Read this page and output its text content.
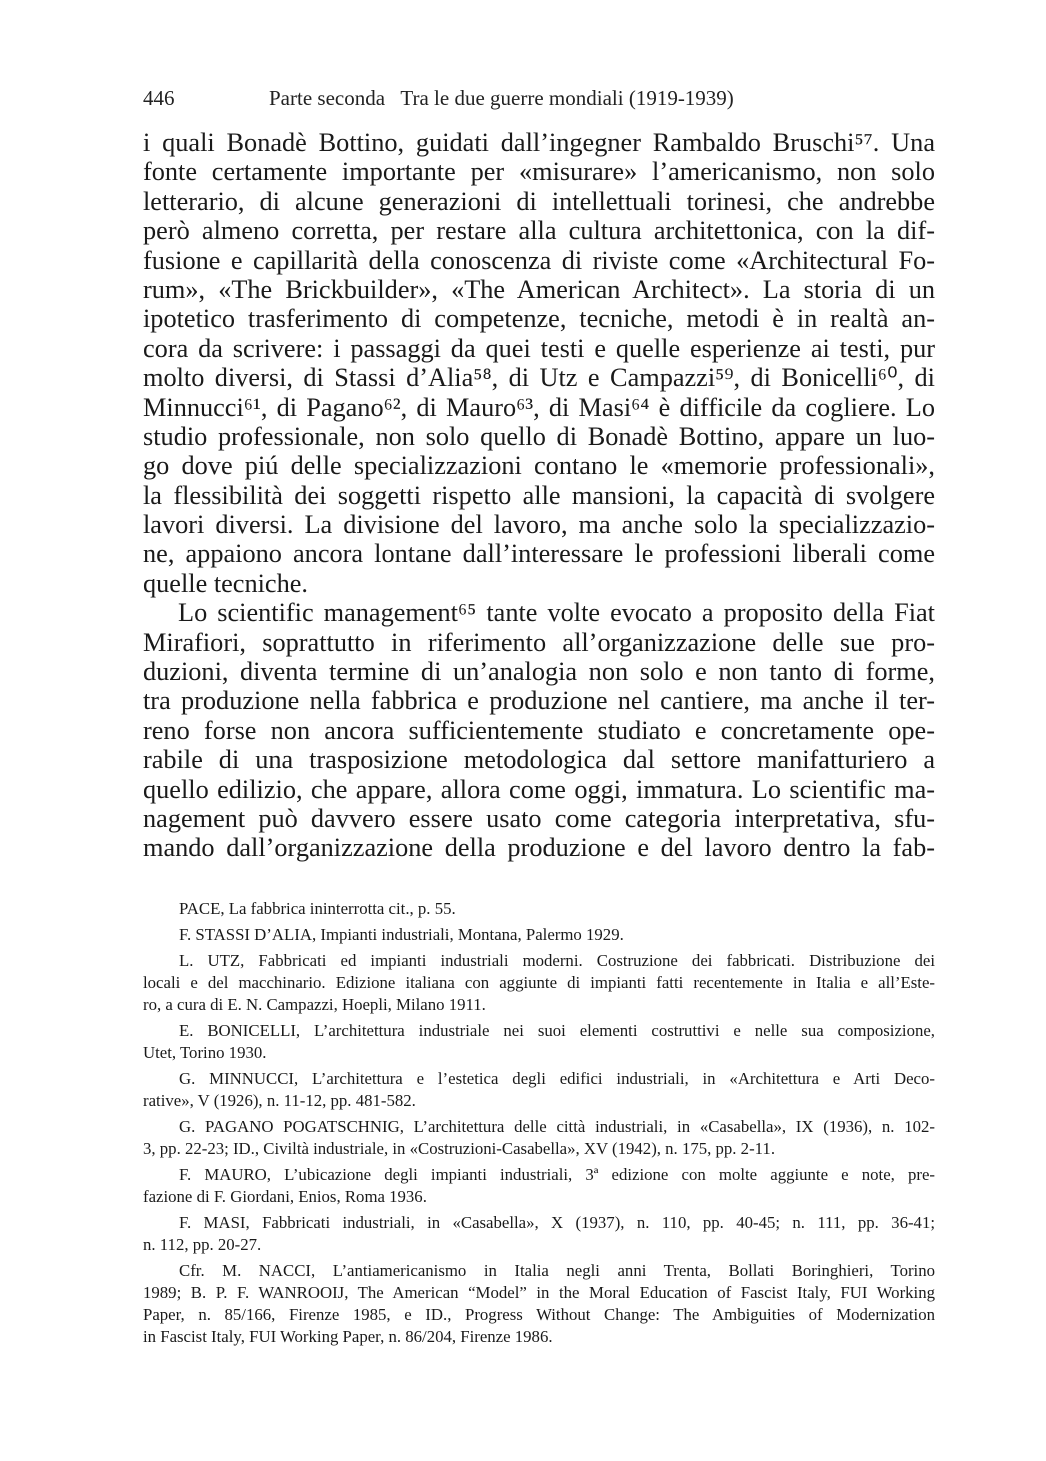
446	Parte seconda   Tra le due guerre mondiali (1919-1939)
i quali Bonadè Bottino, guidati dall’ingegner Rambaldo Bruschi⁵⁷. Una
fonte certamente importante per «misurare» l’americanismo, non solo
letterario, di alcune generazioni di intellettuali torinesi, che andrebbe
però almeno corretta, per restare alla cultura architettonica, con la dif-
fusione e capillarità della conoscenza di riviste come «Architectural Fo-
rum», «The Brickbuilder», «The American Architect». La storia di un
ipotetico trasferimento di competenze, tecniche, metodi è in realtà an-
cora da scrivere: i passaggi da quei testi e quelle esperienze ai testi, pur
molto diversi, di Stassi d’Alia⁵⁸, di Utz e Campazzi⁵⁹, di Bonicelli⁶⁰, di
Minnucci⁶¹, di Pagano⁶², di Mauro⁶³, di Masi⁶⁴ è difficile da cogliere. Lo
studio professionale, non solo quello di Bonadè Bottino, appare un luo-
go dove piú delle specializzazioni contano le «memorie professionali»,
la flessibilità dei soggetti rispetto alle mansioni, la capacità di svolgere
lavori diversi. La divisione del lavoro, ma anche solo la specializzazio-
ne, appaiono ancora lontane dall’interessare le professioni liberali come
quelle tecniche.
Lo scientific management⁶⁵ tante volte evocato a proposito della Fiat
Mirafiori, soprattutto in riferimento all’organizzazione delle sue pro-
duzioni, diventa termine di un’analogia non solo e non tanto di forme,
tra produzione nella fabbrica e produzione nel cantiere, ma anche il ter-
reno forse non ancora sufficientemente studiato e concretamente ope-
rabile di una trasposizione metodologica dal settore manifatturiero a
quello edilizio, che appare, allora come oggi, immatura. Lo scientific ma-
nagement può davvero essere usato come categoria interpretativa, sfu-
mando dall’organizzazione della produzione e del lavoro dentro la fab-
PACE, La fabbrica ininterrotta cit., p. 55.
F. STASSI D’ALIA, Impianti industriali, Montana, Palermo 1929.
L. UTZ, Fabbricati ed impianti industriali moderni. Costruzione dei fabbricati. Distribuzione dei
locali e del macchinario. Edizione italiana con aggiunte di impianti fatti recentemente in Italia e all’Este-
ro, a cura di E. N. Campazzi, Hoepli, Milano 1911.
E. BONICELLI, L’architettura industriale nei suoi elementi costruttivi e nelle sua composizione,
Utet, Torino 1930.
G. MINNUCCI, L’architettura e l’estetica degli edifici industriali, in «Architettura e Arti Deco-
rative», V (1926), n. 11-12, pp. 481-582.
G. PAGANO POGATSCHNIG, L’architettura delle città industriali, in «Casabella», IX (1936), n. 102-
3, pp. 22-23; ID., Civiltà industriale, in «Costruzioni-Casabella», XV (1942), n. 175, pp. 2-11.
F. MAURO, L’ubicazione degli impianti industriali, 3ª edizione con molte aggiunte e note, pre-
fazione di F. Giordani, Enios, Roma 1936.
F. MASI, Fabbricati industriali, in «Casabella», X (1937), n. 110, pp. 40-45; n. 111, pp. 36-41;
n. 112, pp. 20-27.
Cfr. M. NACCI, L’antiamericanismo in Italia negli anni Trenta, Bollati Boringhieri, Torino
1989; B. P. F. WANROOIJ, The American “Model” in the Moral Education of Fascist Italy, FUI Working
Paper, n. 85/166, Firenze 1985, e ID., Progress Without Change: The Ambiguities of Modernization
in Fascist Italy, FUI Working Paper, n. 86/204, Firenze 1986.
